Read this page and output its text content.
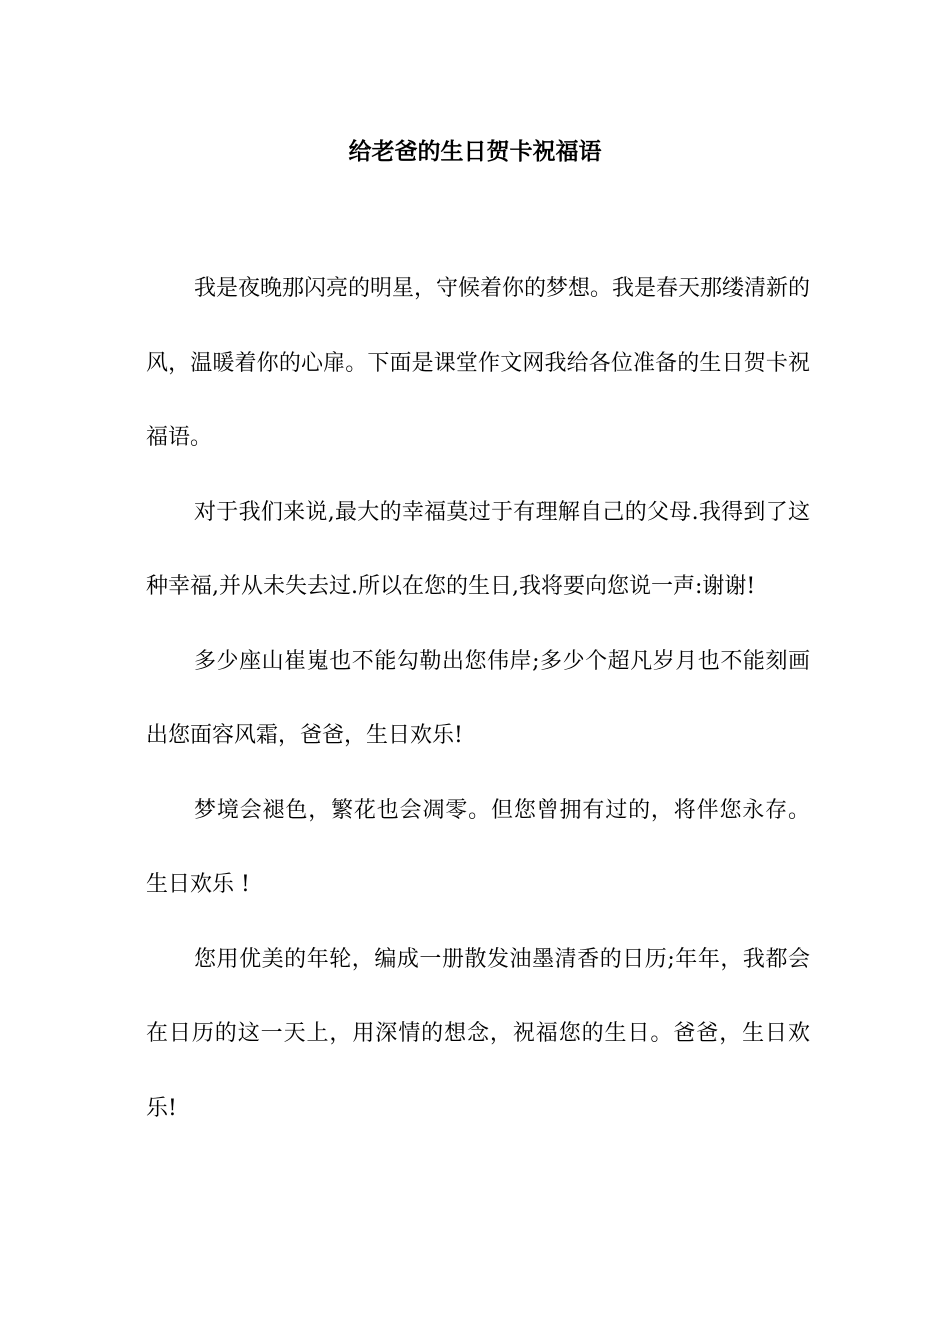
给老爸的生日贺卡祝福语

我是夜晚那闪亮的明星，守候着你的梦想。我是春天那缕清新的风，温暖着你的心扉。下面是课堂作文网我给各位准备的生日贺卡祝福语。

对于我们来说,最大的幸福莫过于有理解自己的父母.我得到了这种幸福,并从未失去过.所以在您的生日,我将要向您说一声:谢谢!

多少座山崔嵬也不能勾勒出您伟岸;多少个超凡岁月也不能刻画出您面容风霜，爸爸，生日欢乐!

梦境会褪色，繁花也会凋零。但您曾拥有过的，将伴您永存。 生日欢乐 !

您用优美的年轮，编成一册散发油墨清香的日历;年年，我都会在日历的这一天上，用深情的想念，祝福您的生日。爸爸，生日欢乐!
